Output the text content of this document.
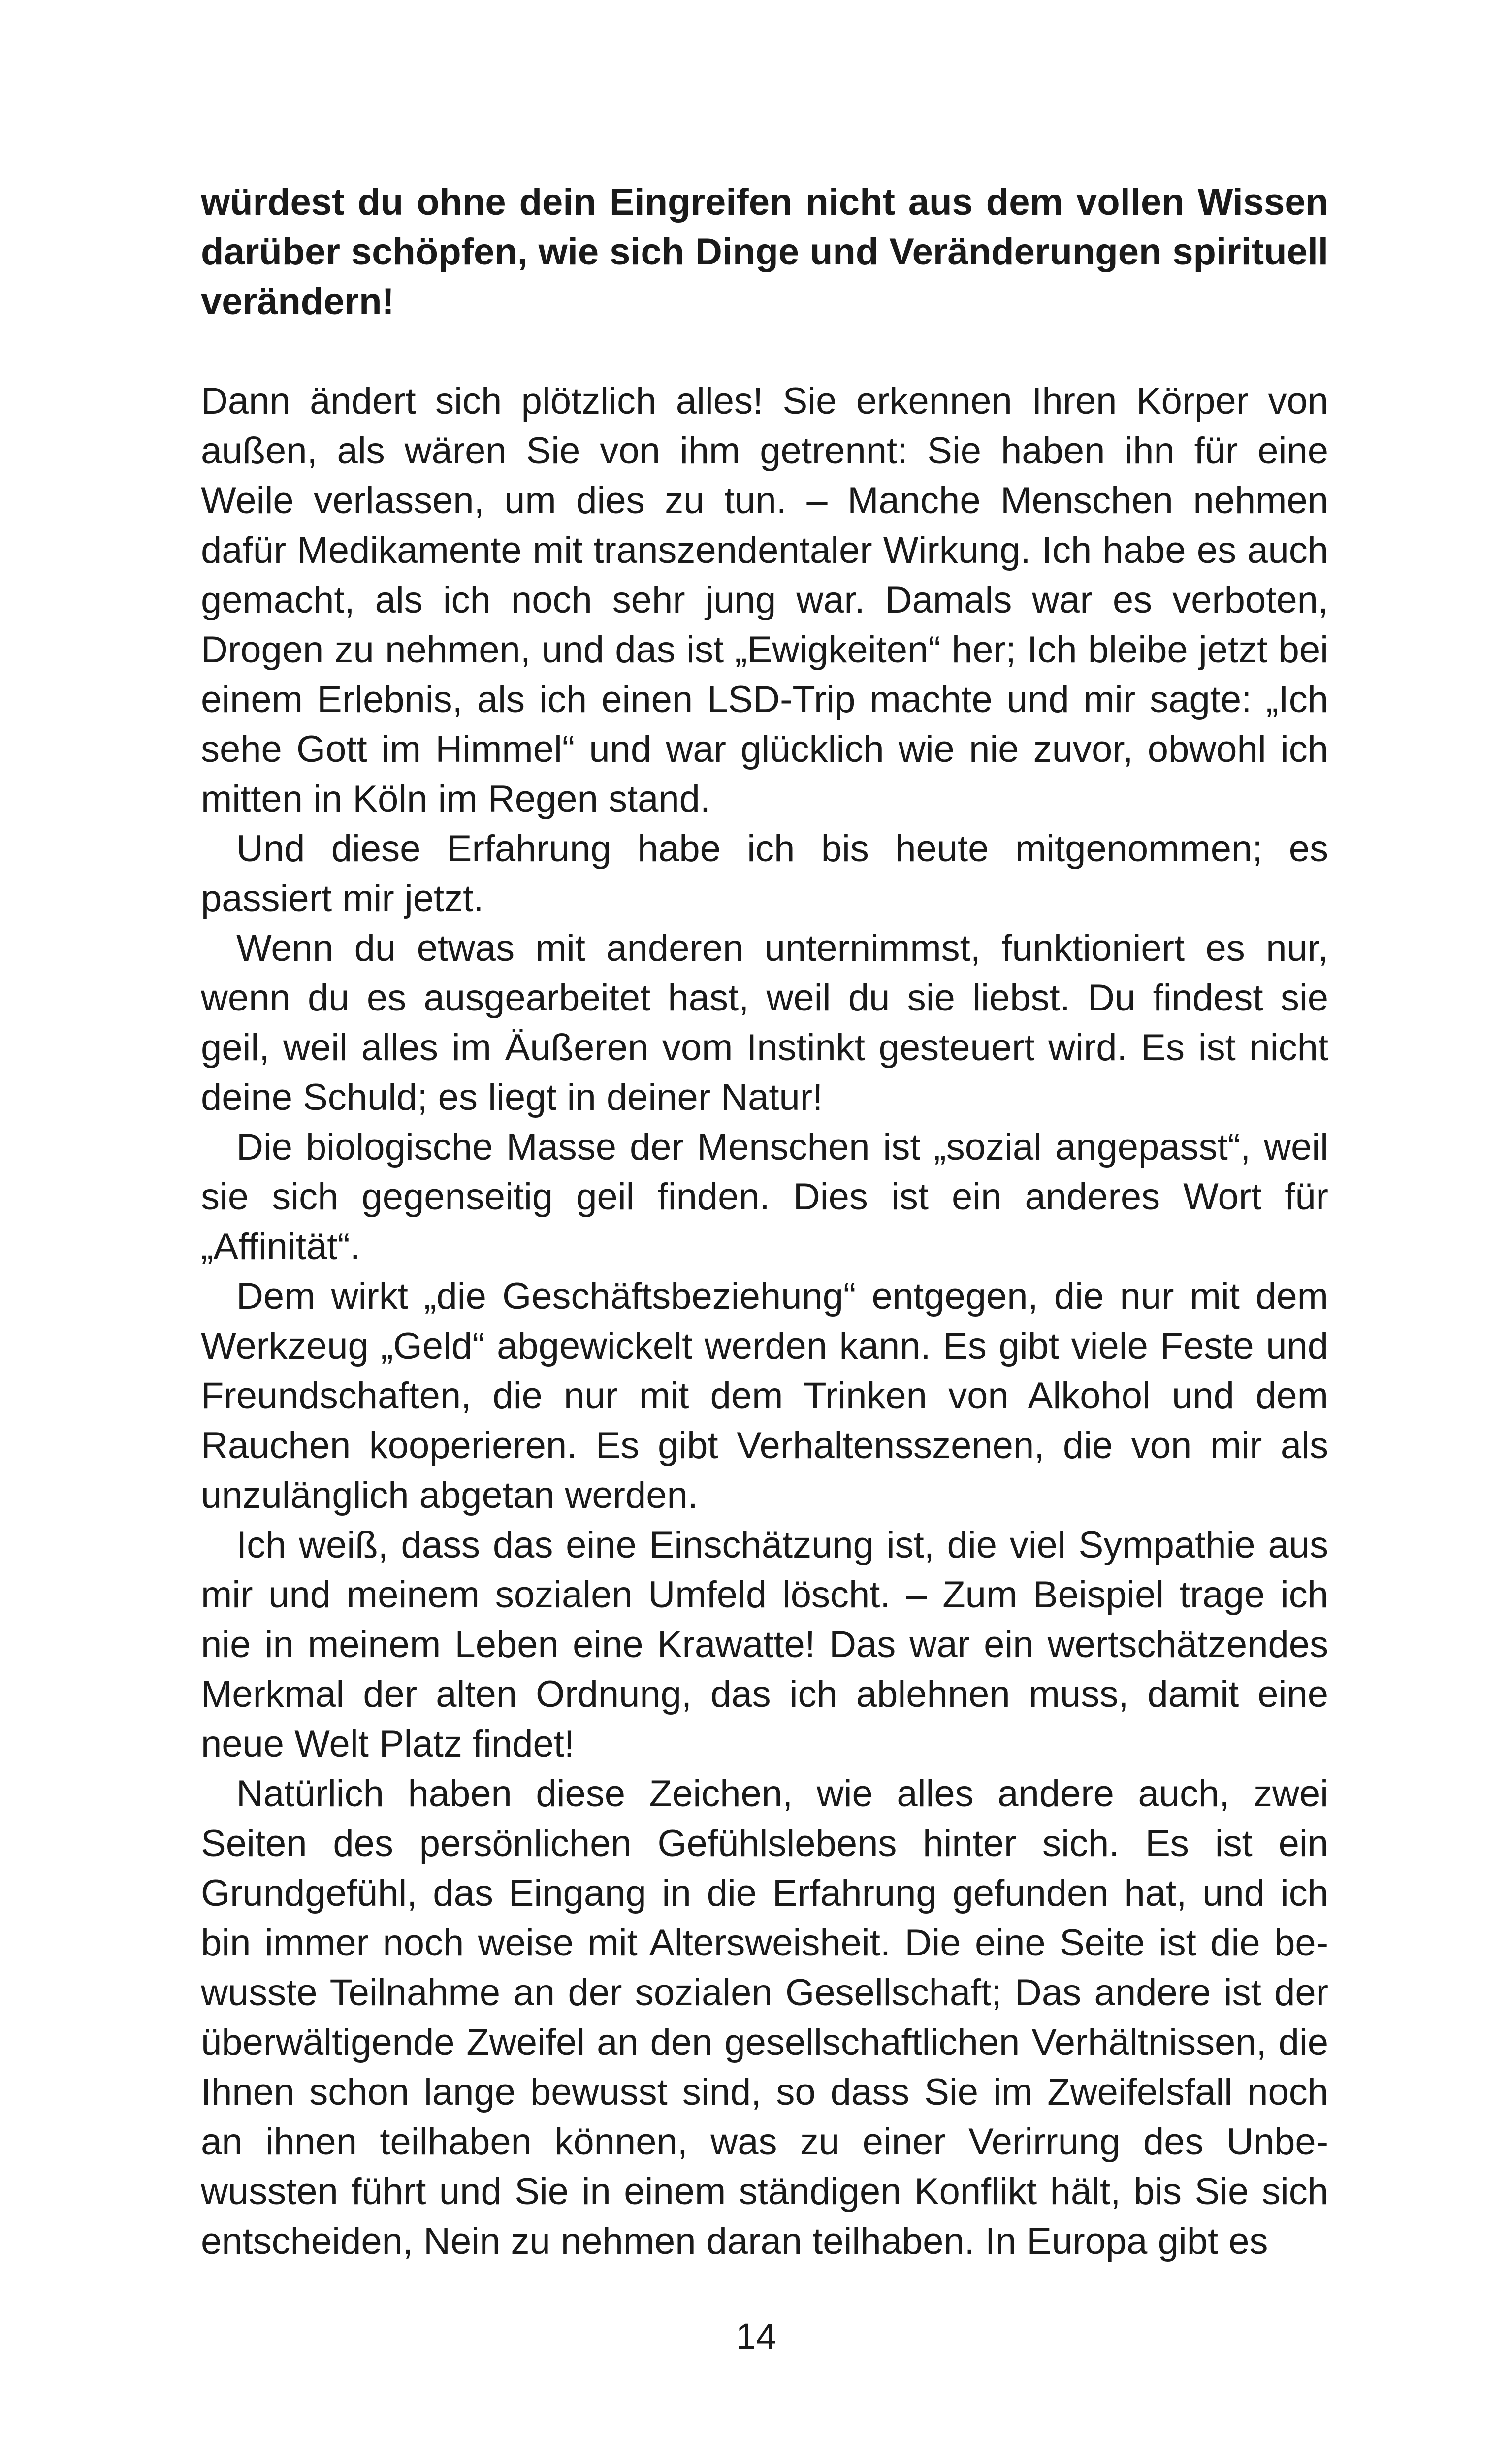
würdest du ohne dein Eingreifen nicht aus dem vollen Wissen darüber schöpfen, wie sich Dinge und Veränderungen spirituell verändern!

Dann ändert sich plötzlich alles! Sie erkennen Ihren Körper von außen, als wären Sie von ihm getrennt: Sie haben ihn für eine Weile verlassen, um dies zu tun. – Manche Menschen nehmen dafür Medikamente mit transzendentaler Wirkung. Ich habe es auch gemacht, als ich noch sehr jung war. Damals war es verboten, Drogen zu nehmen, und das ist „Ewigkeiten“ her; Ich bleibe jetzt bei einem Erlebnis, als ich einen LSD-Trip machte und mir sagte: „Ich sehe Gott im Himmel“ und war glücklich wie nie zuvor, obwohl ich mitten in Köln im Regen stand.

Und diese Erfahrung habe ich bis heute mitgenommen; es passiert mir jetzt.

Wenn du etwas mit anderen unternimmst, funktioniert es nur, wenn du es ausgearbeitet hast, weil du sie liebst. Du findest sie geil, weil alles im Äußeren vom Instinkt gesteuert wird. Es ist nicht deine Schuld; es liegt in deiner Natur!

Die biologische Masse der Menschen ist „sozial angepasst“, weil sie sich gegenseitig geil finden. Dies ist ein anderes Wort für „Affinität“.

Dem wirkt „die Geschäftsbeziehung“ entgegen, die nur mit dem Werkzeug „Geld“ abgewickelt werden kann. Es gibt viele Feste und Freundschaften, die nur mit dem Trinken von Alkohol und dem Rauchen kooperieren. Es gibt Verhaltensszenen, die von mir als unzulänglich abgetan werden.

Ich weiß, dass das eine Einschätzung ist, die viel Sympathie aus mir und meinem sozialen Umfeld löscht. – Zum Beispiel trage ich nie in meinem Leben eine Krawatte! Das war ein wertschätzendes Merkmal der alten Ordnung, das ich ablehnen muss, damit eine neue Welt Platz findet!

Natürlich haben diese Zeichen, wie alles andere auch, zwei Seiten des persönlichen Gefühlslebens hinter sich. Es ist ein Grundgefühl, das Eingang in die Erfahrung gefunden hat, und ich bin immer noch weise mit Altersweisheit. Die eine Seite ist die bewusste Teilnahme an der sozialen Gesellschaft; Das andere ist der überwältigende Zweifel an den gesellschaftlichen Verhältnissen, die Ihnen schon lange bewusst sind, so dass Sie im Zweifelsfall noch an ihnen teilhaben können, was zu einer Verirrung des Unbewussten führt und Sie in einem ständigen Konflikt hält, bis Sie sich entscheiden, Nein zu nehmen daran teilhaben. In Europa gibt es

14
